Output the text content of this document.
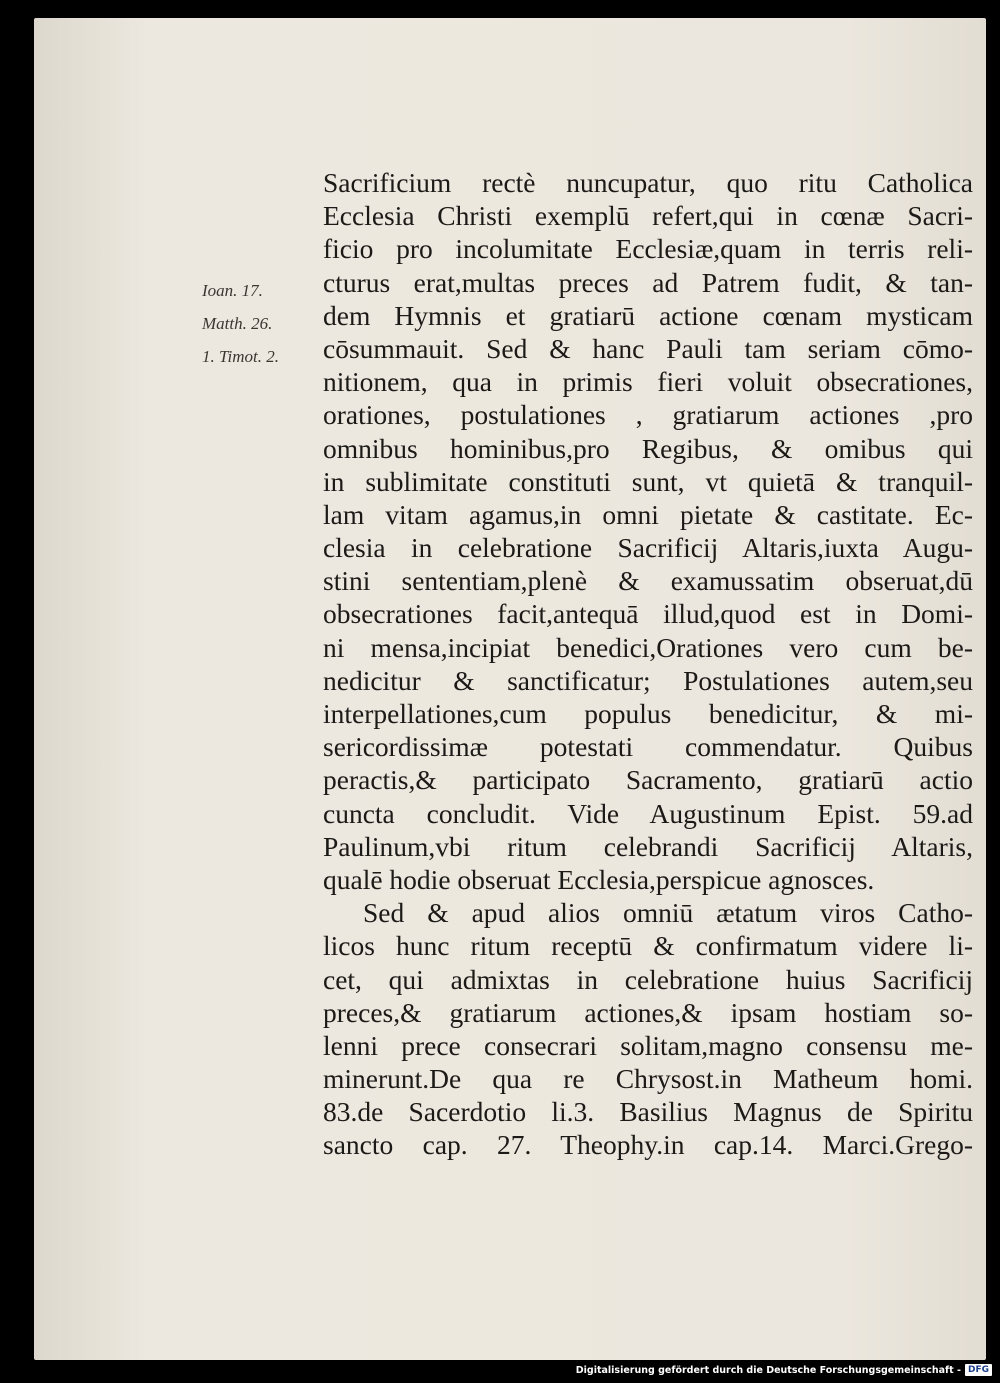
Ioan. 17.
Matth. 26.
1. Timot. 2.
Sacrificium rectè nuncupatur, quo ritu Catholica
Ecclesia Christi exemplū refert,qui in cœnæ Sacri-
ficio pro incolumitate Ecclesiæ,quam in terris reli-
cturus erat,multas preces ad Patrem fudit, & tan-
dem Hymnis et gratiarū actione cœnam mysticam
cōsummauit. Sed & hanc Pauli tam seriam cōmo-
nitionem, qua in primis fieri voluit obsecrationes,
orationes, postulationes , gratiarum actiones ,pro
omnibus hominibus,pro Regibus, & omibus qui
in sublimitate constituti sunt, vt quietā & tranquil-
lam vitam agamus,in omni pietate & castitate. Ec-
clesia in celebratione Sacrificij Altaris,iuxta Augu-
stini sententiam,plenè & examussatim obseruat,dū
obsecrationes facit,antequā illud,quod est in Domi-
ni mensa,incipiat benedici,Orationes vero cum be-
nedicitur & sanctificatur; Postulationes autem,seu
interpellationes,cum populus benedicitur, & mi-
sericordissimæ potestati commendatur. Quibus
peractis,& participato Sacramento, gratiarū actio
cuncta concludit. Vide Augustinum Epist. 59.ad
Paulinum,vbi ritum celebrandi Sacrificij Altaris,
qualē hodie obseruat Ecclesia,perspicue agnosces.
Sed & apud alios omniū ætatum viros Catho-
licos hunc ritum receptū & confirmatum videre li-
cet, qui admixtas in celebratione huius Sacrificij
preces,& gratiarum actiones,& ipsam hostiam so-
lenni prece consecrari solitam,magno consensu me-
minerunt.De qua re Chrysost.in Matheum homi.
83.de Sacerdotio li.3. Basilius Magnus de Spiritu
sancto cap. 27. Theophy.in cap.14. Marci.Grego-
Digitalisierung gefördert durch die Deutsche Forschungsgemeinschaft - DFG
